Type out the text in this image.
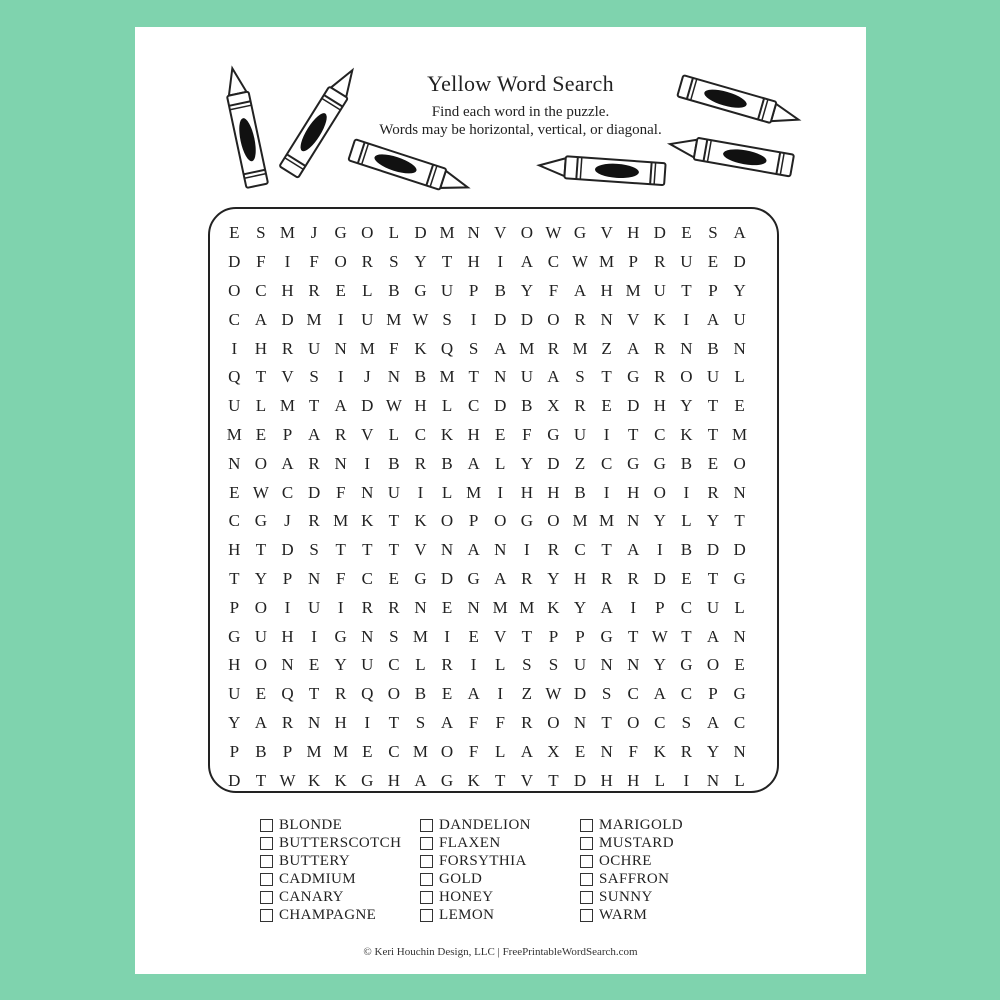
Yellow Word Search
Find each word in the puzzle.
Words may be horizontal, vertical, or diagonal.
E S M J	G O L D M N V O W G V H D E S A
D F	I	F O R S Y T H	I	A C W M P R U E D
O C H R E L B G U P B Y F A H M U T P Y
C A D M I	U M W S	I	D D O R N V K	I	A U
I	H R U N M F K Q S A M R M Z A R N B N
Q T V S	I	J	N B M T N U A S T G R O U L
U L M T A D W H L C D B X R E D H Y T E
M E P A R V L C K H E F G U	I	T C K T M
N O A R N	I	B R B A L Y D Z C G G B E O
E W C D F N U	I	L M I	H H B	I	H O	I	R N
C G	J	R M K T K O P O G O M M N Y L Y T
H T D S T T T V N A N	I	R C T A	I	B D D
T Y P N F C E G D G A R Y H R R D E T G
P O	I	U	I	R R N E N M M K Y A	I	P C U L
G U H	I	G N S M I	E V T P	P G T W T A N
H O N E Y U C L R	I	L S	S U N N Y G O E
U E Q T R Q O B E A	I	Z W D S C A C P G
Y A R N H	I	T S A F	F R O N T O C S A C
P B P M M E C M O F L A X E N F K R Y N
D T W K K G H A G K T V T D H H L	I	N L
BLONDE
BUTTERSCOTCH
BUTTERY
CADMIUM
CANARY
CHAMPAGNE
DANDELION
FLAXEN
FORSYTHIA
GOLD
HONEY
LEMON
MARIGOLD
MUSTARD
OCHRE
SAFFRON
SUNNY
WARM
© Keri Houchin Design, LLC | FreePrintableWordSearch.com
